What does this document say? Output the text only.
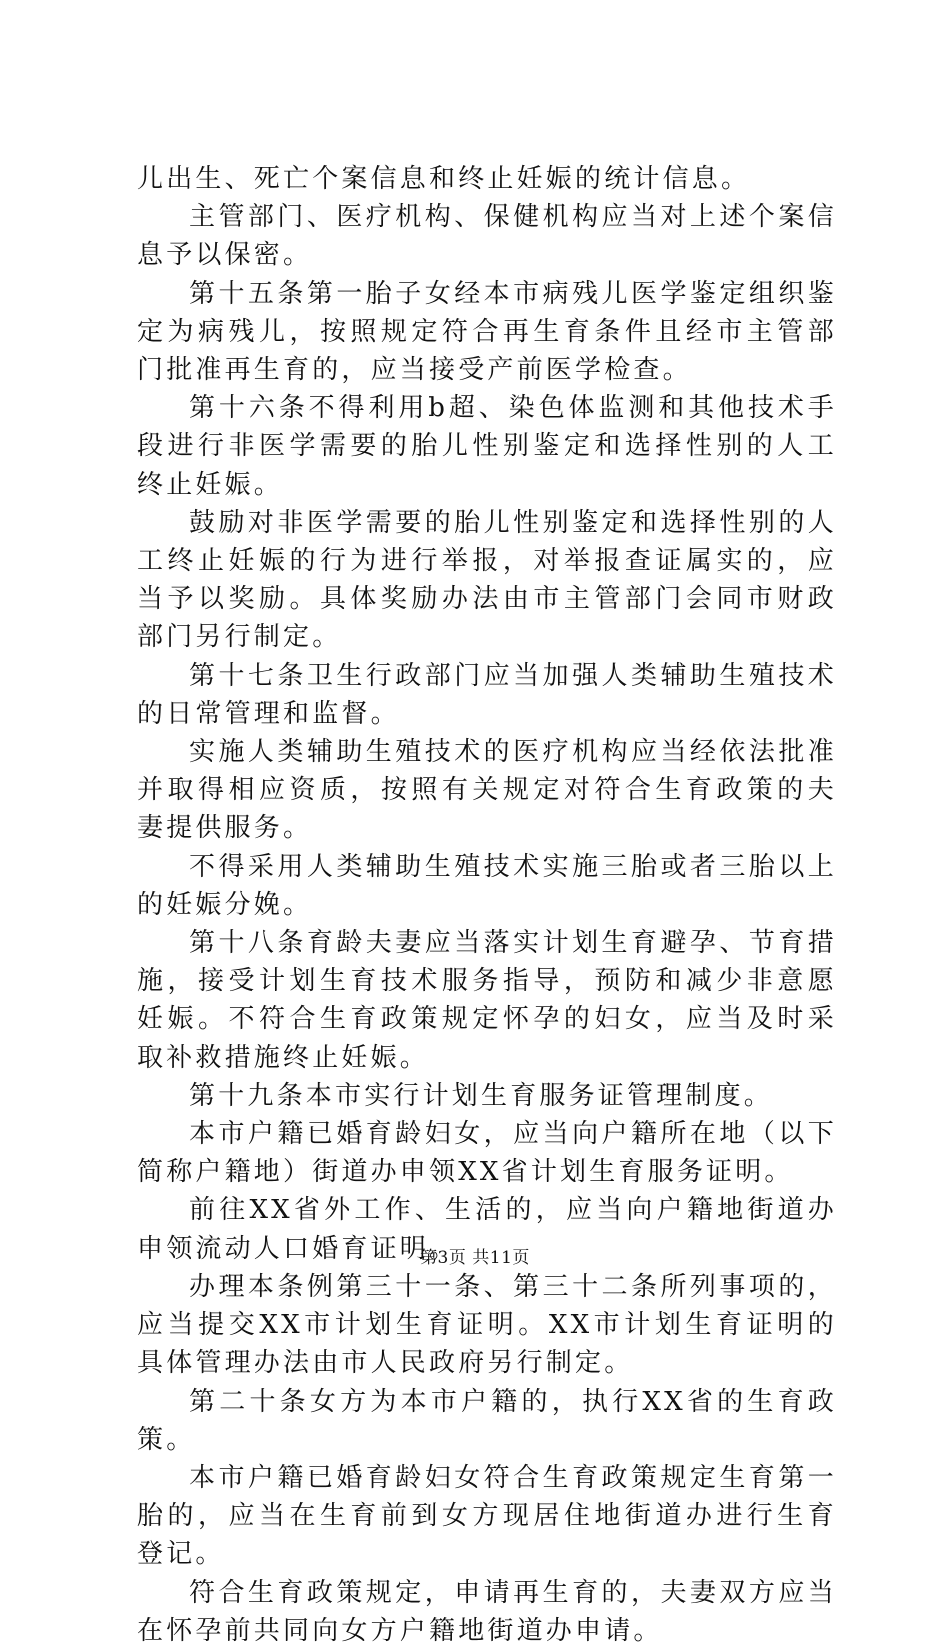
儿出生、死亡个案信息和终止妊娠的统计信息。

主管部门、医疗机构、保健机构应当对上述个案信息予以保密。

第十五条第一胎子女经本市病残儿医学鉴定组织鉴定为病残儿，按照规定符合再生育条件且经市主管部门批准再生育的，应当接受产前医学检查。

第十六条不得利用b超、染色体监测和其他技术手段进行非医学需要的胎儿性别鉴定和选择性别的人工终止妊娠。

鼓励对非医学需要的胎儿性别鉴定和选择性别的人工终止妊娠的行为进行举报，对举报查证属实的，应当予以奖励。具体奖励办法由市主管部门会同市财政部门另行制定。

第十七条卫生行政部门应当加强人类辅助生殖技术的日常管理和监督。

实施人类辅助生殖技术的医疗机构应当经依法批准并取得相应资质，按照有关规定对符合生育政策的夫妻提供服务。

不得采用人类辅助生殖技术实施三胎或者三胎以上的妊娠分娩。

第十八条育龄夫妻应当落实计划生育避孕、节育措施，接受计划生育技术服务指导，预防和减少非意愿妊娠。不符合生育政策规定怀孕的妇女，应当及时采取补救措施终止妊娠。

第十九条本市实行计划生育服务证管理制度。

本市户籍已婚育龄妇女，应当向户籍所在地（以下简称户籍地）街道办申领XX省计划生育服务证明。

前往XX省外工作、生活的，应当向户籍地街道办申领流动人口婚育证明。

办理本条例第三十一条、第三十二条所列事项的，应当提交XX市计划生育证明。XX市计划生育证明的具体管理办法由市人民政府另行制定。

第二十条女方为本市户籍的，执行XX省的生育政策。

本市户籍已婚育龄妇女符合生育政策规定生育第一胎的，应当在生育前到女方现居住地街道办进行生育登记。

符合生育政策规定，申请再生育的，夫妻双方应当在怀孕前共同向女方户籍地街道办申请。

第3页 共11页
